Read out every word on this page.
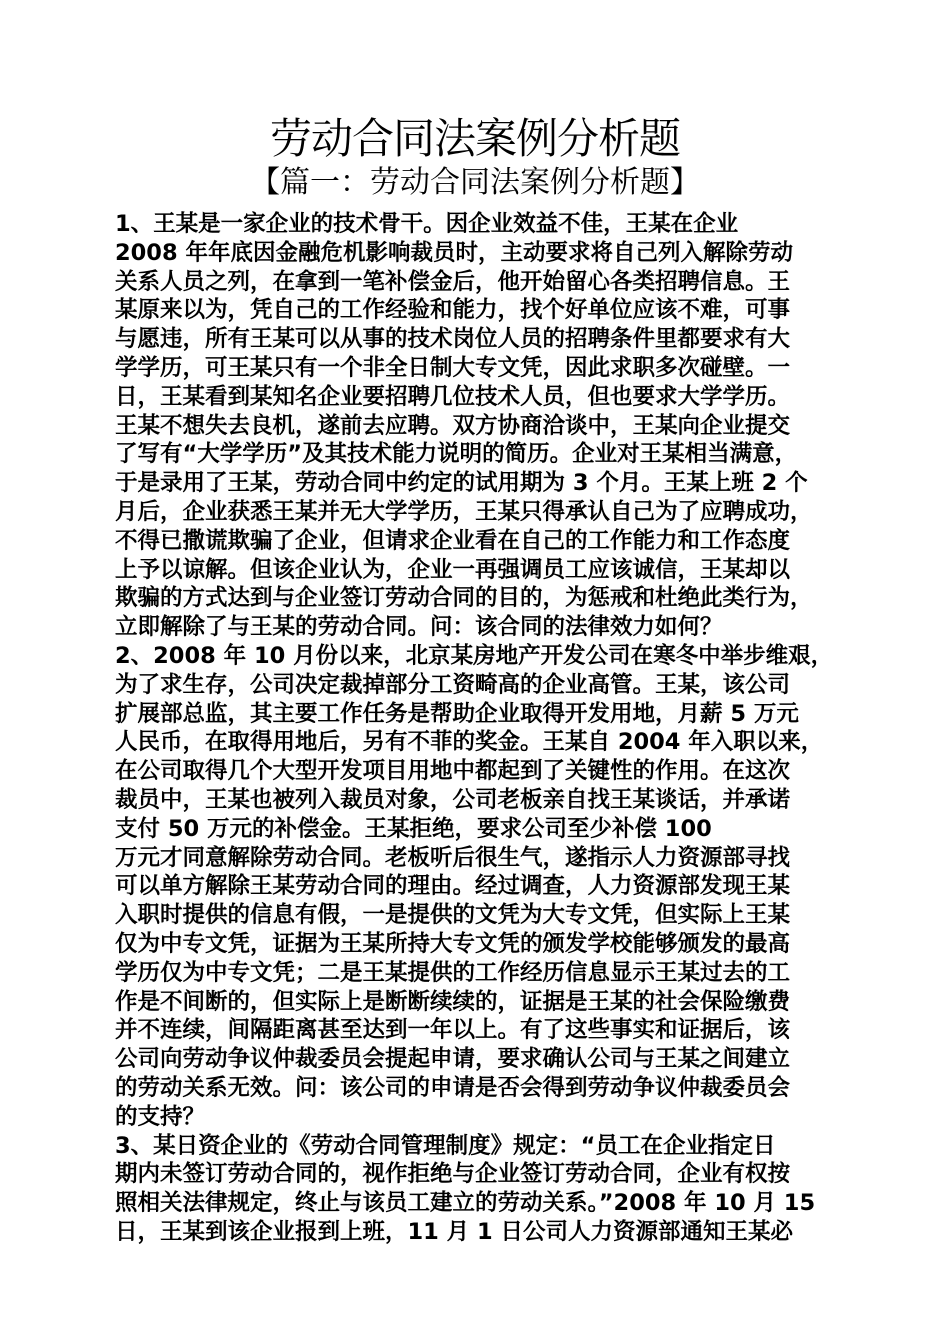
劳动合同法案例分析题
【篇一：劳动合同法案例分析题】
1、王某是一家企业的技术骨干。因企业效益不佳，王某在企业
2008 年年底因金融危机影响裁员时，主动要求将自己列入解除劳动
关系人员之列，在拿到一笔补偿金后，他开始留心各类招聘信息。王
某原来以为，凭自己的工作经验和能力，找个好单位应该不难，可事
与愿违，所有王某可以从事的技术岗位人员的招聘条件里都要求有大
学学历，可王某只有一个非全日制大专文凭，因此求职多次碰壁。一
日，王某看到某知名企业要招聘几位技术人员，但也要求大学学历。
王某不想失去良机，遂前去应聘。双方协商洽谈中，王某向企业提交
了写有“大学学历”及其技术能力说明的简历。企业对王某相当满意，
于是录用了王某，劳动合同中约定的试用期为 3 个月。王某上班 2 个
月后，企业获悉王某并无大学学历，王某只得承认自己为了应聘成功，
不得已撒谎欺骗了企业，但请求企业看在自己的工作能力和工作态度
上予以谅解。但该企业认为，企业一再强调员工应该诚信，王某却以
欺骗的方式达到与企业签订劳动合同的目的，为惩戒和杜绝此类行为，
立即解除了与王某的劳动合同。问：该合同的法律效力如何？
2、2008 年 10 月份以来，北京某房地产开发公司在寒冬中举步维艰，
为了求生存，公司决定裁掉部分工资畸高的企业高管。王某，该公司
扩展部总监，其主要工作任务是帮助企业取得开发用地，月薪 5 万元
人民币，在取得用地后，另有不菲的奖金。王某自 2004 年入职以来，
在公司取得几个大型开发项目用地中都起到了关键性的作用。在这次
裁员中，王某也被列入裁员对象，公司老板亲自找王某谈话，并承诺
支付 50 万元的补偿金。王某拒绝，要求公司至少补偿 100
万元才同意解除劳动合同。老板听后很生气，遂指示人力资源部寻找
可以单方解除王某劳动合同的理由。经过调查，人力资源部发现王某
入职时提供的信息有假，一是提供的文凭为大专文凭，但实际上王某
仅为中专文凭，证据为王某所持大专文凭的颁发学校能够颁发的最高
学历仅为中专文凭；二是王某提供的工作经历信息显示王某过去的工
作是不间断的，但实际上是断断续续的，证据是王某的社会保险缴费
并不连续，间隔距离甚至达到一年以上。有了这些事实和证据后，该
公司向劳动争议仲裁委员会提起申请，要求确认公司与王某之间建立
的劳动关系无效。问：该公司的申请是否会得到劳动争议仲裁委员会
的支持？
3、某日资企业的《劳动合同管理制度》规定：“员工在企业指定日
期内未签订劳动合同的，视作拒绝与企业签订劳动合同，企业有权按
照相关法律规定，终止与该员工建立的劳动关系。”2008 年 10 月 15
日，王某到该企业报到上班，11 月 1 日公司人力资源部通知王某必
